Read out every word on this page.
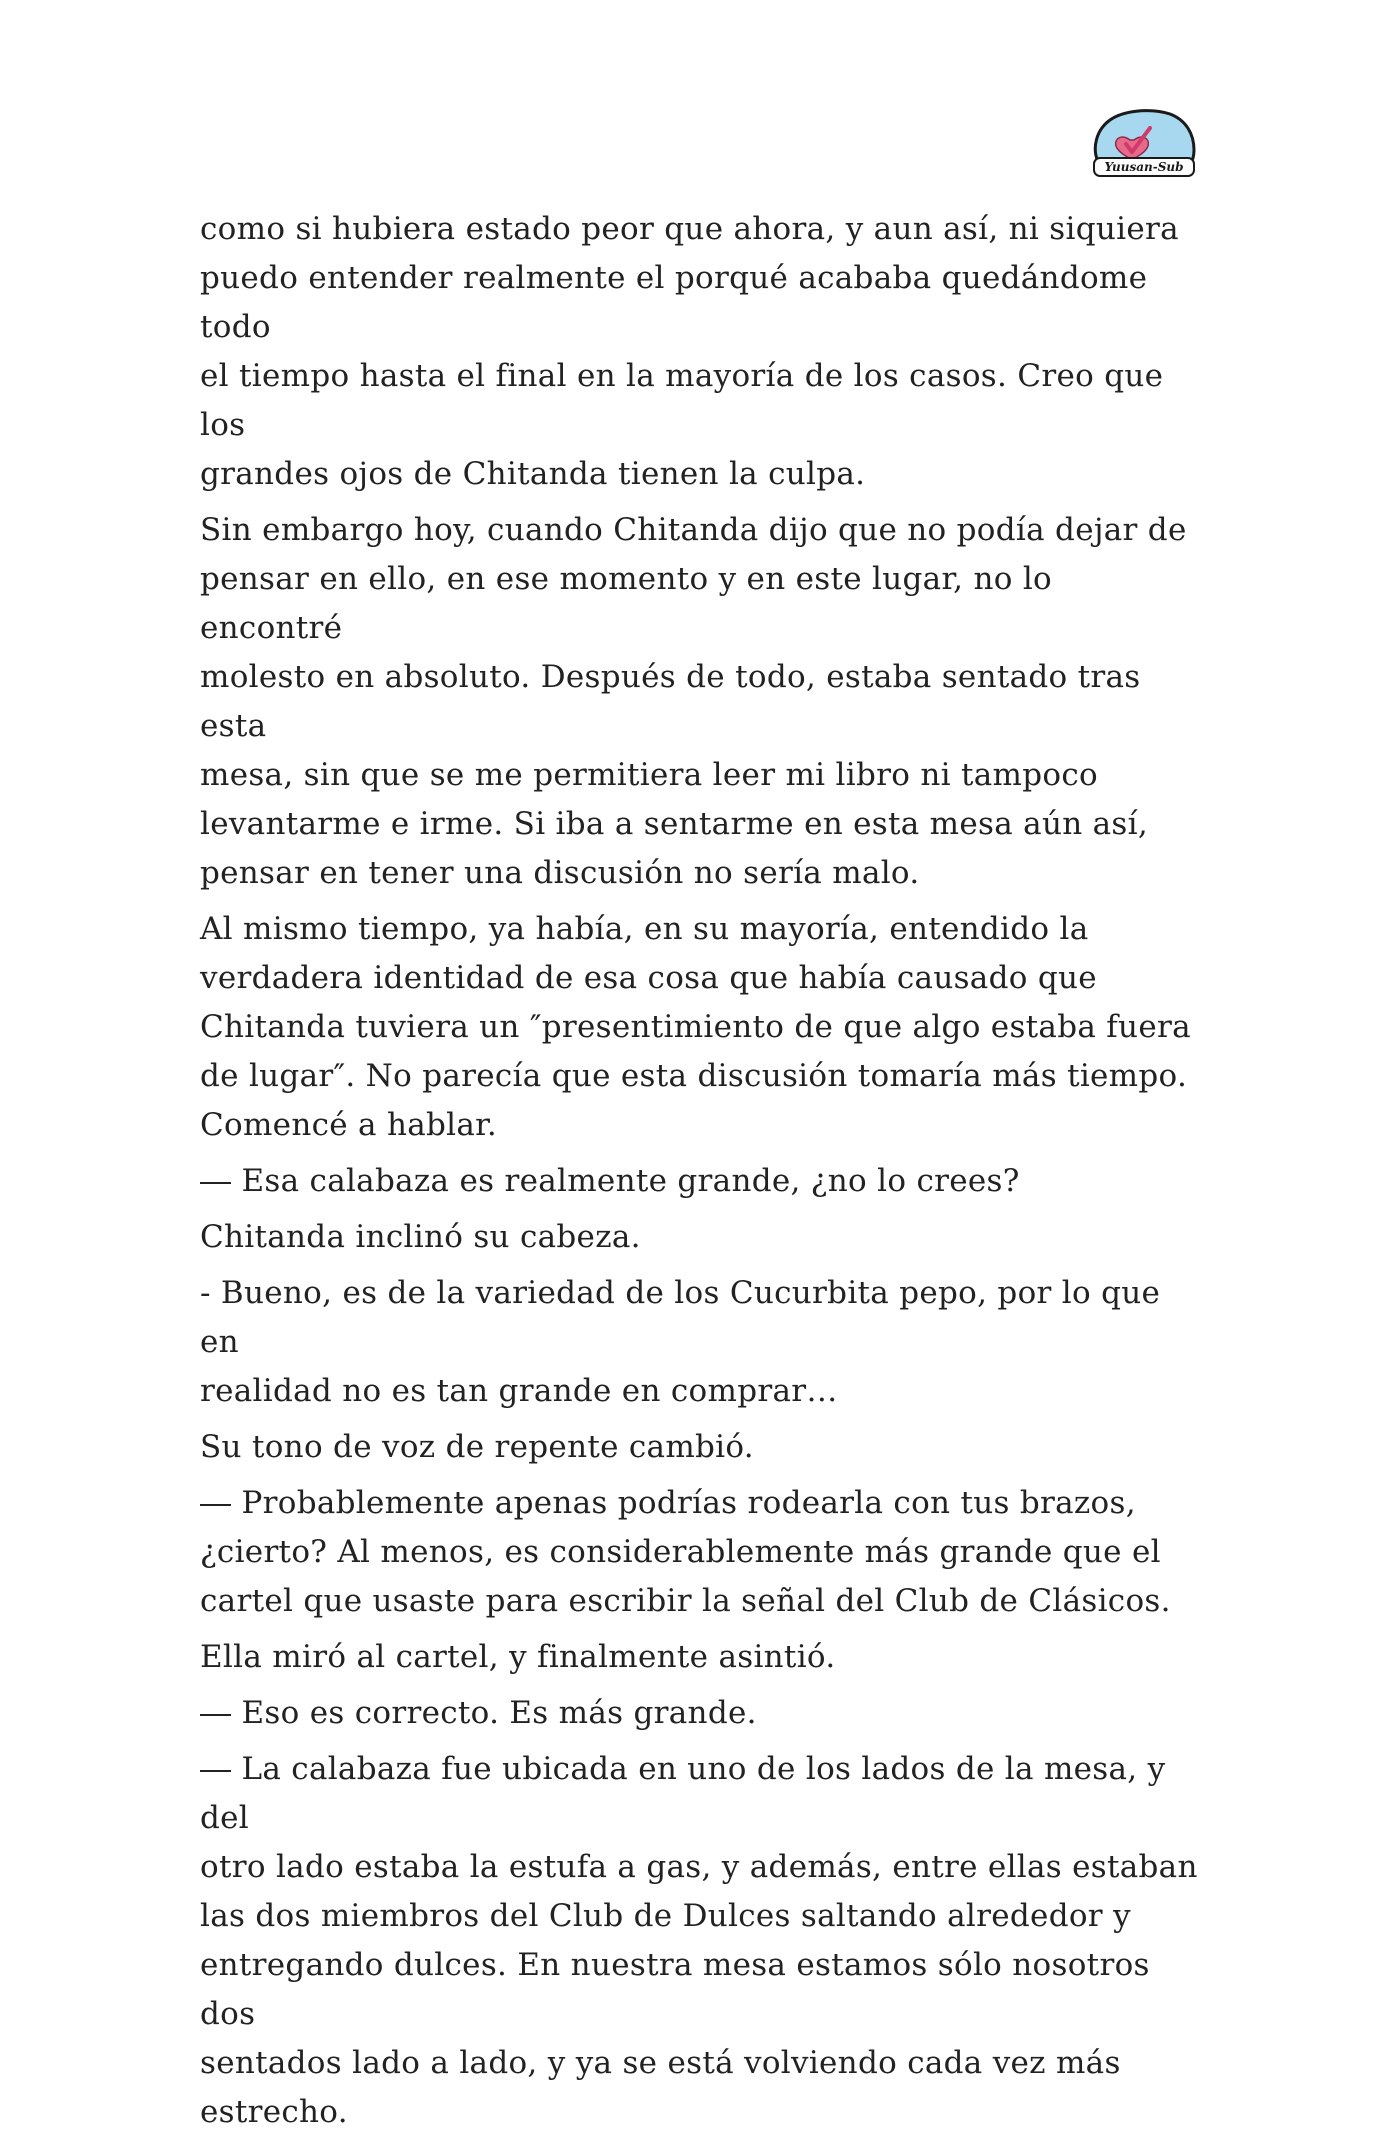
Yuusan-Sub

como si hubiera estado peor que ahora, y aun así, ni siquiera
puedo entender realmente el porqué acababa quedándome todo
el tiempo hasta el final en la mayoría de los casos. Creo que los
grandes ojos de Chitanda tienen la culpa.

Sin embargo hoy, cuando Chitanda dijo que no podía dejar de
pensar en ello, en ese momento y en este lugar, no lo encontré
molesto en absoluto. Después de todo, estaba sentado tras esta
mesa, sin que se me permitiera leer mi libro ni tampoco
levantarme e irme. Si iba a sentarme en esta mesa aún así,
pensar en tener una discusión no sería malo.

Al mismo tiempo, ya había, en su mayoría, entendido la
verdadera identidad de esa cosa que había causado que
Chitanda tuviera un ″presentimiento de que algo estaba fuera
de lugar″. No parecía que esta discusión tomaría más tiempo.
Comencé a hablar.

― Esa calabaza es realmente grande, ¿no lo crees?

Chitanda inclinó su cabeza.

- Bueno, es de la variedad de los Cucurbita pepo, por lo que en
realidad no es tan grande en comprar…

Su tono de voz de repente cambió.

― Probablemente apenas podrías rodearla con tus brazos,
¿cierto? Al menos, es considerablemente más grande que el
cartel que usaste para escribir la señal del Club de Clásicos.

Ella miró al cartel, y finalmente asintió.

― Eso es correcto. Es más grande.

― La calabaza fue ubicada en uno de los lados de la mesa, y del
otro lado estaba la estufa a gas, y además, entre ellas estaban
las dos miembros del Club de Dulces saltando alrededor y
entregando dulces. En nuestra mesa estamos sólo nosotros dos
sentados lado a lado, y ya se está volviendo cada vez más
estrecho.
